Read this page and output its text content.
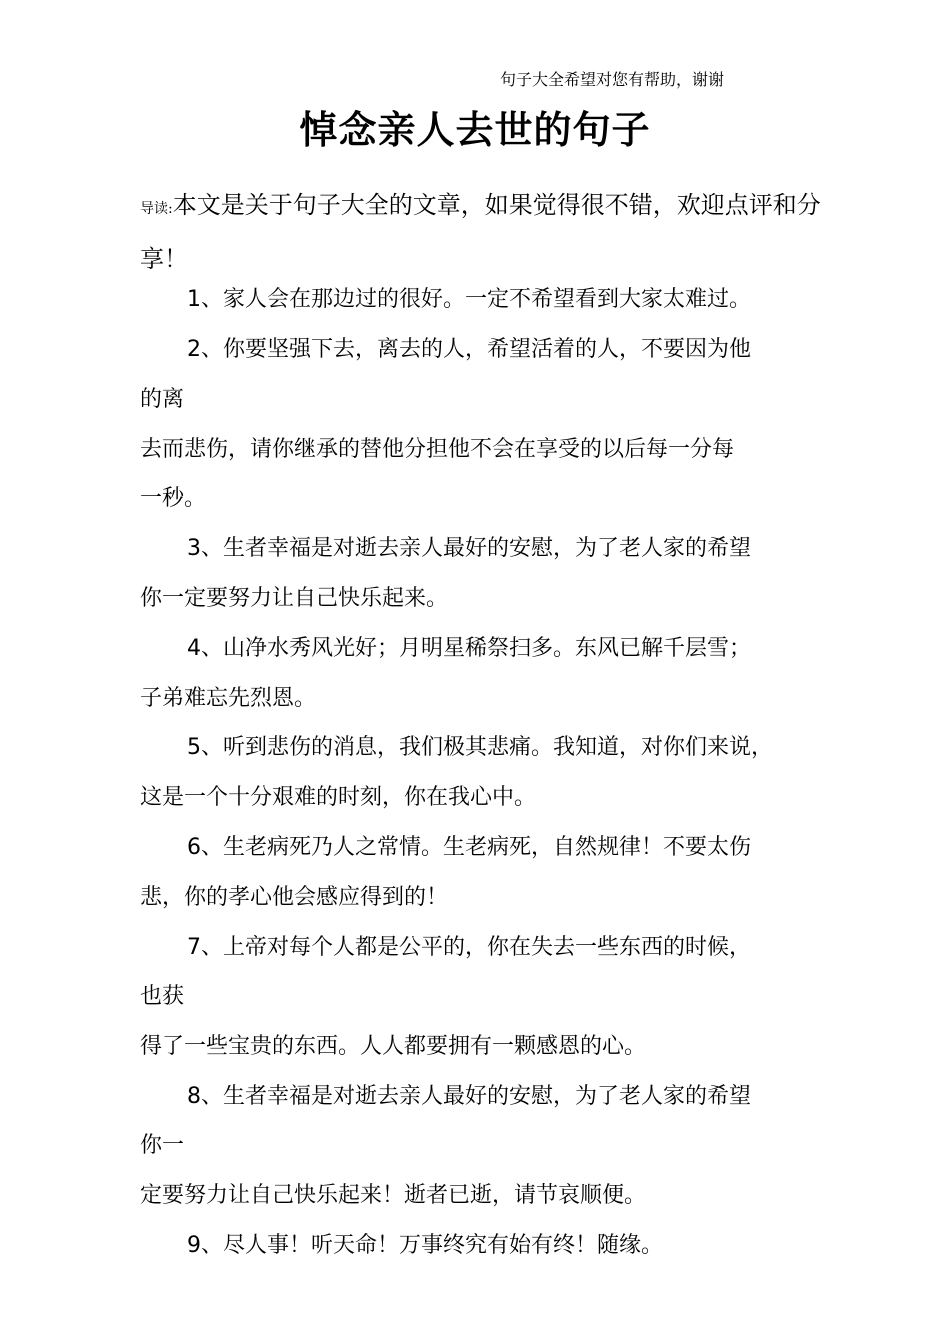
句子大全希望对您有帮助，谢谢
悼念亲人去世的句子

导读:本文是关于句子大全的文章，如果觉得很不错，欢迎点评和分享！

1、家人会在那边过的很好。一定不希望看到大家太难过。

2、你要坚强下去，离去的人，希望活着的人，不要因为他

的离

去而悲伤，请你继承的替他分担他不会在享受的以后每一分每

一秒。

3、生者幸福是对逝去亲人最好的安慰，为了老人家的希望

你一定要努力让自己快乐起来。

4、山净水秀风光好；月明星稀祭扫多。东风已解千层雪；

子弟难忘先烈恩。

5、听到悲伤的消息，我们极其悲痛。我知道，对你们来说，

这是一个十分艰难的时刻，你在我心中。

6、生老病死乃人之常情。生老病死，自然规律！不要太伤

悲，你的孝心他会感应得到的！

7、上帝对每个人都是公平的，你在失去一些东西的时候，

也获

得了一些宝贵的东西。人人都要拥有一颗感恩的心。

8、生者幸福是对逝去亲人最好的安慰，为了老人家的希望

你一

定要努力让自己快乐起来！逝者已逝，请节哀顺便。

9、尽人事！听天命！万事终究有始有终！随缘。
